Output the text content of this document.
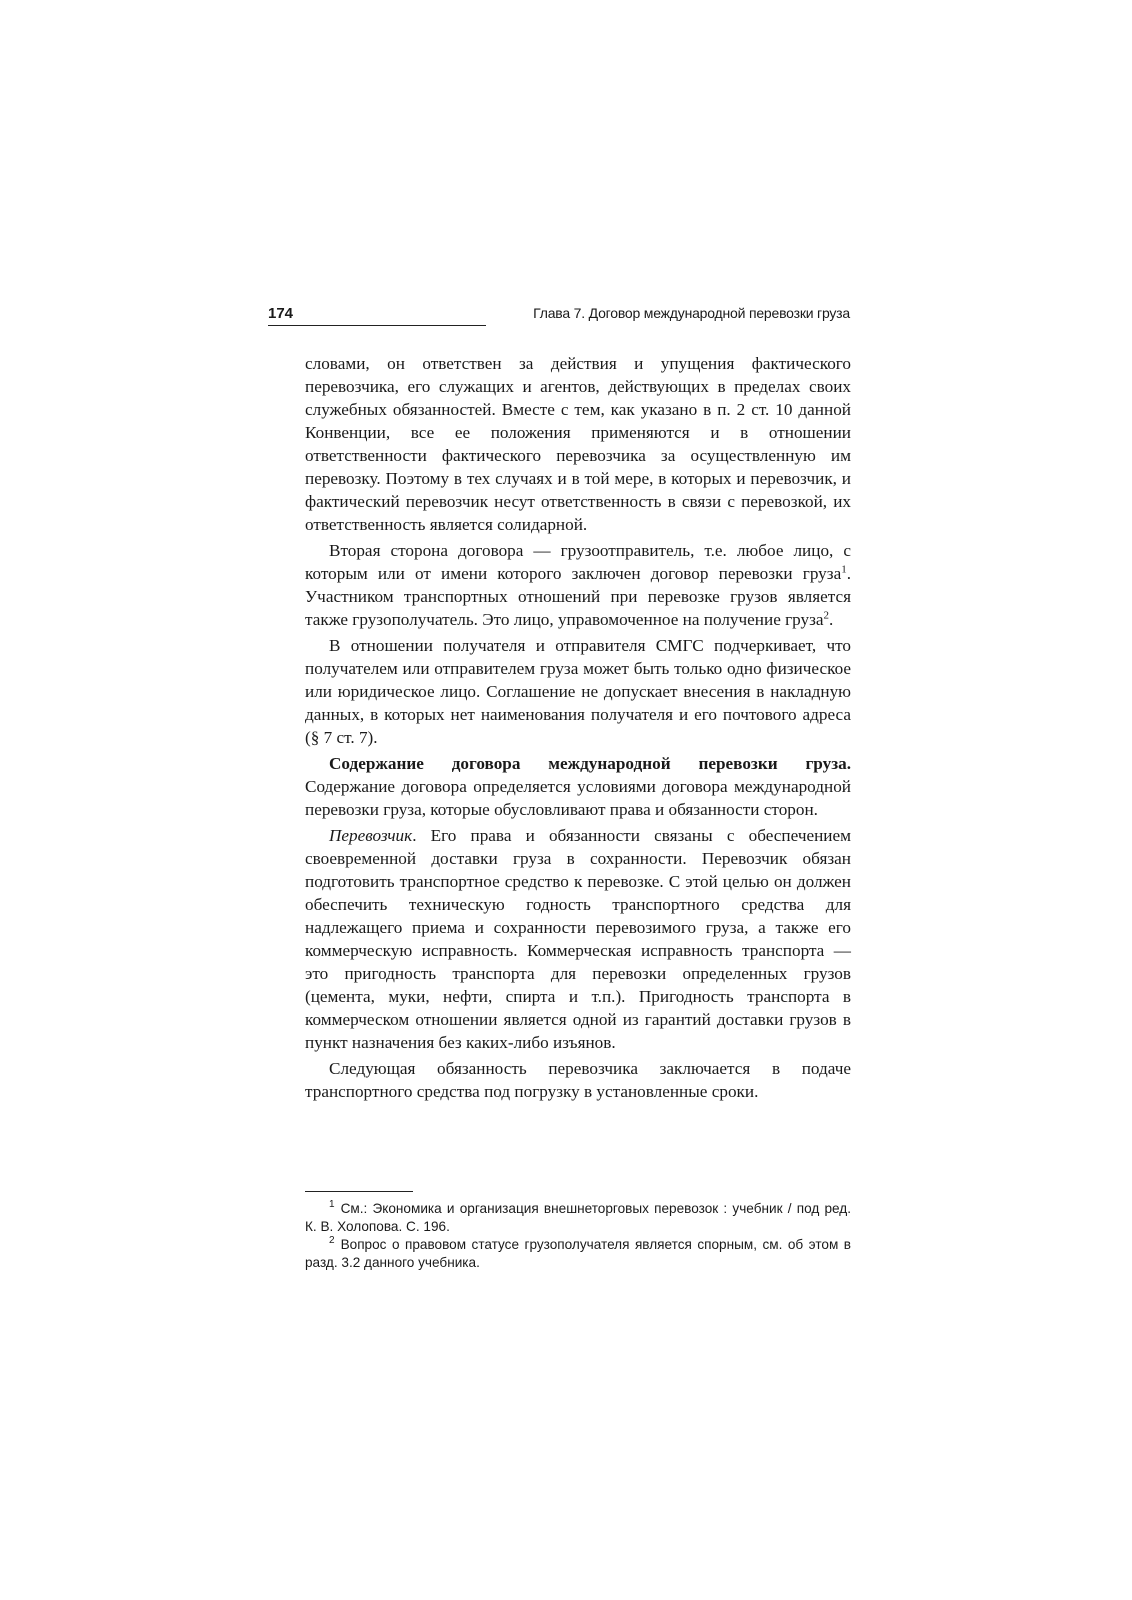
174	Глава 7. Договор международной перевозки груза

словами, он ответствен за действия и упущения фактического перевозчика, его служащих и агентов, действующих в пределах своих служебных обязанностей. Вместе с тем, как указано в п. 2 ст. 10 данной Конвенции, все ее положения применяются и в отношении ответственности фактического перевозчика за осуществленную им перевозку. Поэтому в тех случаях и в той мере, в которых и перевозчик, и фактический перевозчик несут ответственность в связи с перевозкой, их ответственность является солидарной.

Вторая сторона договора — грузоотправитель, т.е. любое лицо, с которым или от имени которого заключен договор перевозки груза$^1$. Участником транспортных отношений при перевозке грузов является также грузополучатель. Это лицо, управомоченное на получение груза$^2$.

В отношении получателя и отправителя СМГС подчеркивает, что получателем или отправителем груза может быть только одно физическое или юридическое лицо. Соглашение не допускает внесения в накладную данных, в которых нет наименования получателя и его почтового адреса (§ 7 ст. 7).

Содержание договора международной перевозки груза. Содержание договора определяется условиями договора международной перевозки груза, которые обусловливают права и обязанности сторон.

Перевозчик. Его права и обязанности связаны с обеспечением своевременной доставки груза в сохранности. Перевозчик обязан подготовить транспортное средство к перевозке. С этой целью он должен обеспечить техническую годность транспортного средства для надлежащего приема и сохранности перевозимого груза, а также его коммерческую исправность. Коммерческая исправность транспорта — это пригодность транспорта для перевозки определенных грузов (цемента, муки, нефти, спирта и т.п.). Пригодность транспорта в коммерческом отношении является одной из гарантий доставки грузов в пункт назначения без каких-либо изъянов.

Следующая обязанность перевозчика заключается в подаче транспортного средства под погрузку в установленные сроки.

$^1$ См.: Экономика и организация внешнеторговых перевозок : учебник / под ред. К. В. Холопова. С. 196.

$^2$ Вопрос о правовом статусе грузополучателя является спорным, см. об этом в разд. 3.2 данного учебника.
